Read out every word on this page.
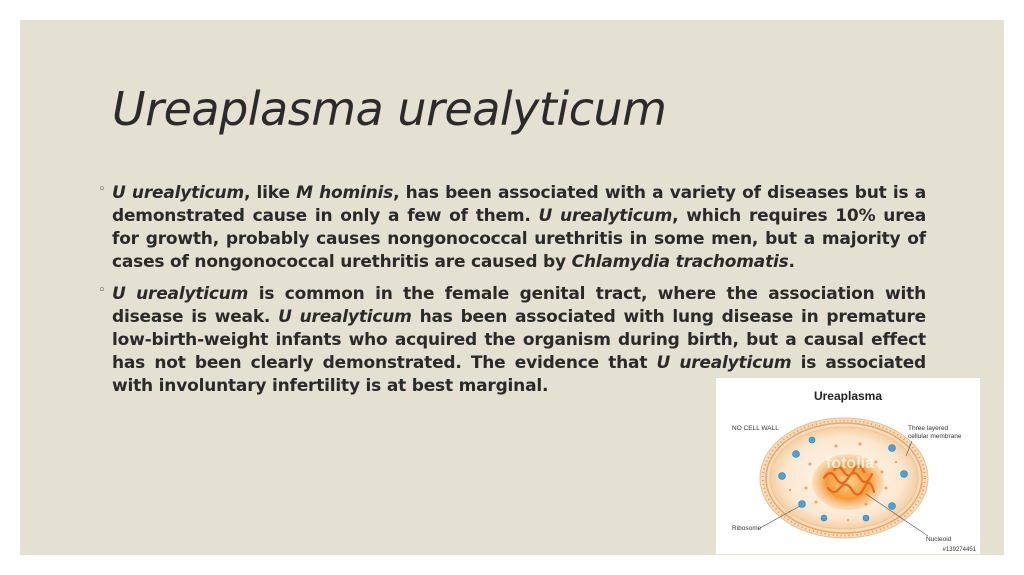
Ureaplasma urealyticum
◦ U urealyticum, like M hominis, has been associated with a variety of diseases but is a demonstrated cause in only a few of them. U urealyticum, which requires 10% urea for growth, probably causes nongonococcal urethritis in some men, but a majority of cases of nongonococcal urethritis are caused by Chlamydia trachomatis.
◦ U urealyticum is common in the female genital tract, where the association with disease is weak. U urealyticum has been associated with lung disease in premature low-birth-weight infants who acquired the organism during birth, but a causal effect has not been clearly demonstrated. The evidence that U urealyticum is associated with involuntary infertility is at best marginal.	Ureaplasma
fotolia
NO CELL WALL	Three layered
cellular membrane
Ribosome
Nucleoid
#139274451
